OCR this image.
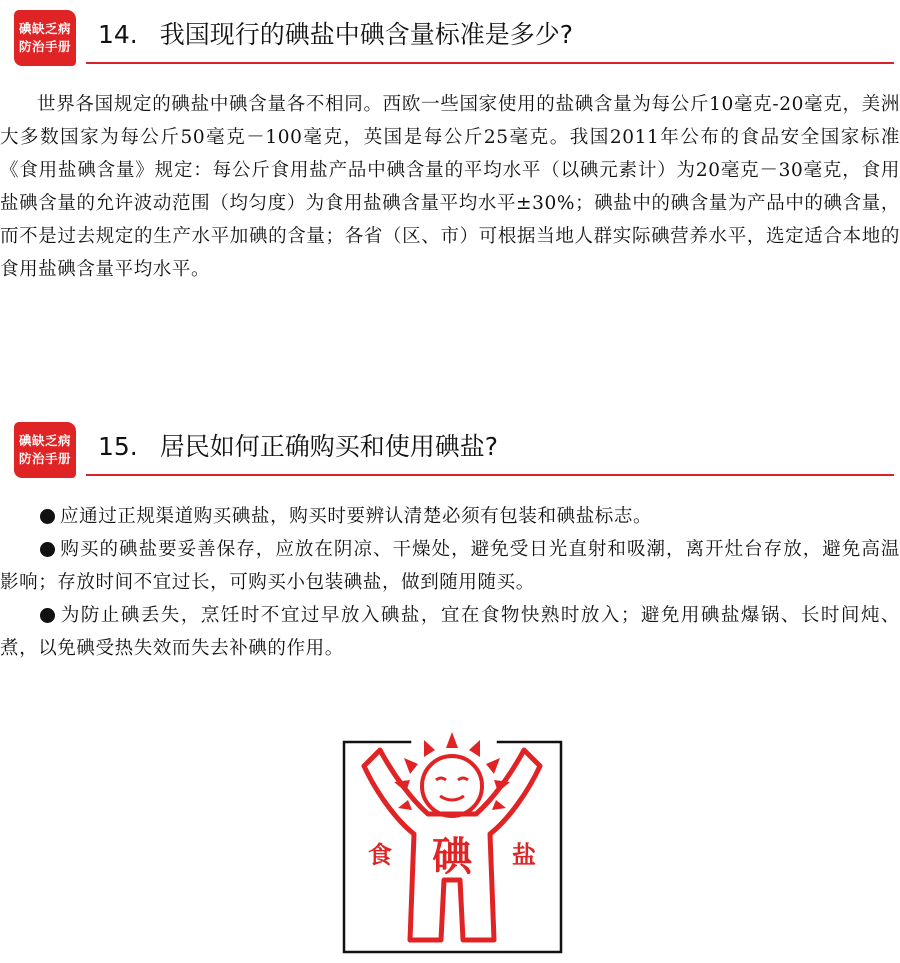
碘缺乏病
防治手册 14. 我国现行的碘盐中碘含量标准是多少?

世界各国规定的碘盐中碘含量各不相同。西欧一些国家使用的盐碘含量为每公斤10毫克-20毫克，美洲大多数国家为每公斤50毫克－100毫克，英国是每公斤25毫克。我国2011年公布的食品安全国家标准《食用盐碘含量》规定：每公斤食用盐产品中碘含量的平均水平（以碘元素计）为20毫克－30毫克，食用盐碘含量的允许波动范围（均匀度）为食用盐碘含量平均水平±30%；碘盐中的碘含量为产品中的碘含量，而不是过去规定的生产水平加碘的含量；各省（区、市）可根据当地人群实际碘营养水平，选定适合本地的食用盐碘含量平均水平。

碘缺乏病
防治手册 15. 居民如何正确购买和使用碘盐?

应通过正规渠道购买碘盐，购买时要辨认清楚必须有包装和碘盐标志。

购买的碘盐要妥善保存，应放在阴凉、干燥处，避免受日光直射和吸潮，离开灶台存放，避免高温影响；存放时间不宜过长，可购买小包装碘盐，做到随用随买。

为防止碘丢失，烹饪时不宜过早放入碘盐，宜在食物快熟时放入；避免用碘盐爆锅、长时间炖、煮，以免碘受热失效而失去补碘的作用。

食	盐
碘
